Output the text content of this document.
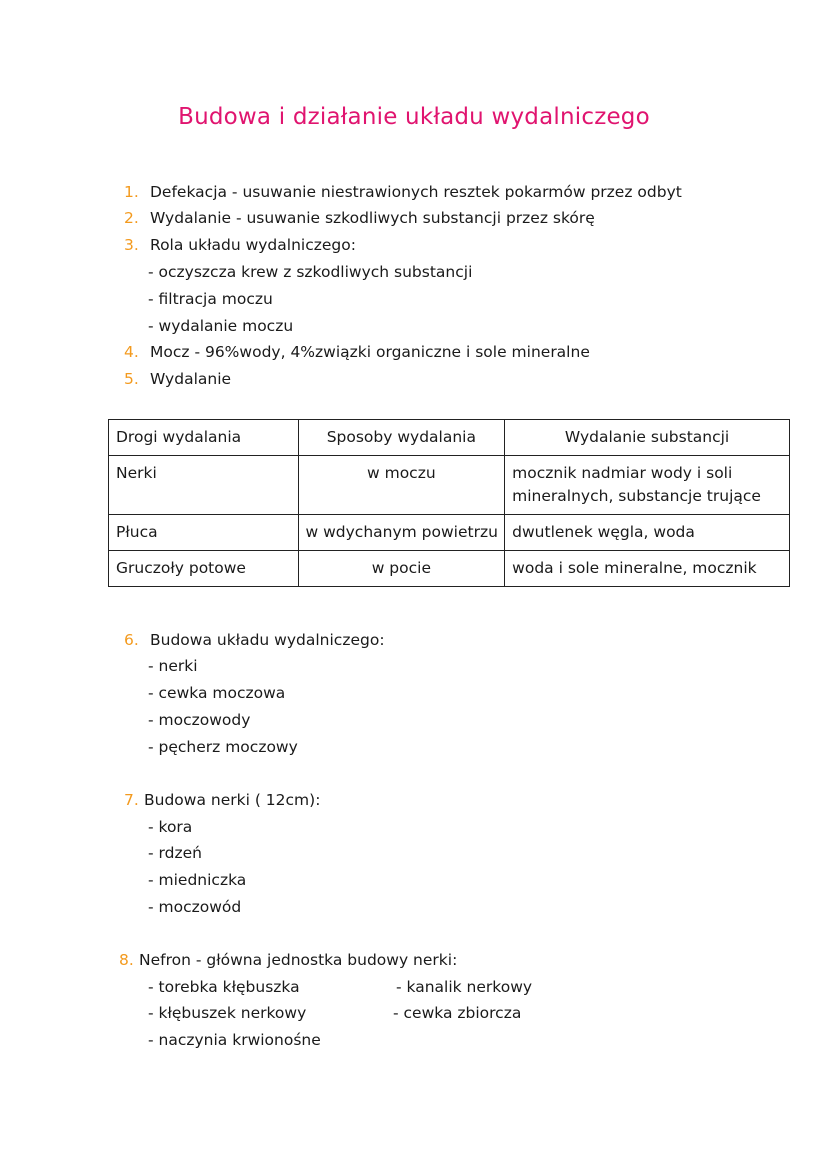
Budowa i działanie układu wydalniczego
1. Defekacja - usuwanie niestrawionych resztek pokarmów przez odbyt
2. Wydalanie - usuwanie szkodliwych substancji przez skórę
3. Rola układu wydalniczego:
- oczyszcza krew z szkodliwych substancji
- filtracja moczu
- wydalanie moczu
4. Mocz - 96%wody, 4%związki organiczne i sole mineralne
5. Wydalanie
Drogi wydalania	Sposoby wydalania	Wydalanie substancji
Nerki	w moczu	mocznik nadmiar wody i soli mineralnych, substancje trujące
Płuca	w wdychanym powietrzu	dwutlenek węgla, woda
Gruczoły potowe	w pocie	woda i sole mineralne, mocznik
6. Budowa układu wydalniczego:
- nerki
- cewka moczowa
- moczowody
- pęcherz moczowy
7. Budowa nerki ( 12cm):
- kora
- rdzeń
- miedniczka
- moczowód
8. Nefron - główna jednostka budowy nerki:
- torebka kłębuszka
- kłębuszek nerkowy
- naczynia krwionośne
- kanalik nerkowy
- cewka zbiorcza
